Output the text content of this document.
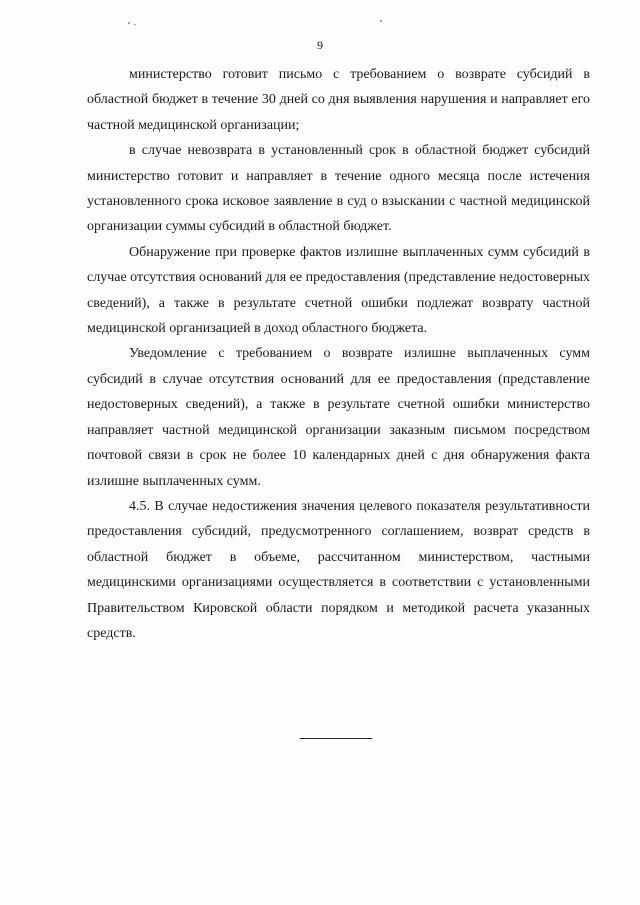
9

министерство готовит письмо с требованием о возврате субсидий в областной бюджет в течение 30 дней со дня выявления нарушения и направляет его частной медицинской организации;

в случае невозврата в установленный срок в областной бюджет субсидий министерство готовит и направляет в течение одного месяца после истечения установленного срока исковое заявление в суд о взыскании с частной медицинской организации суммы субсидий в областной бюджет.

Обнаружение при проверке фактов излишне выплаченных сумм субсидий в случае отсутствия оснований для ее предоставления (представление недостоверных сведений), а также в результате счетной ошибки подлежат возврату частной медицинской организацией в доход областного бюджета.

Уведомление с требованием о возврате излишне выплаченных сумм субсидий в случае отсутствия оснований для ее предоставления (представление недостоверных сведений), а также в результате счетной ошибки министерство направляет частной медицинской организации заказным письмом посредством почтовой связи в срок не более 10 календарных дней с дня обнаружения факта излишне выплаченных сумм.

4.5. В случае недостижения значения целевого показателя результативности предоставления субсидий, предусмотренного соглашением, возврат средств в областной бюджет в объеме, рассчитанном министерством, частными медицинскими организациями осуществляется в соответствии с установленными Правительством Кировской области порядком и методикой расчета указанных средств.
